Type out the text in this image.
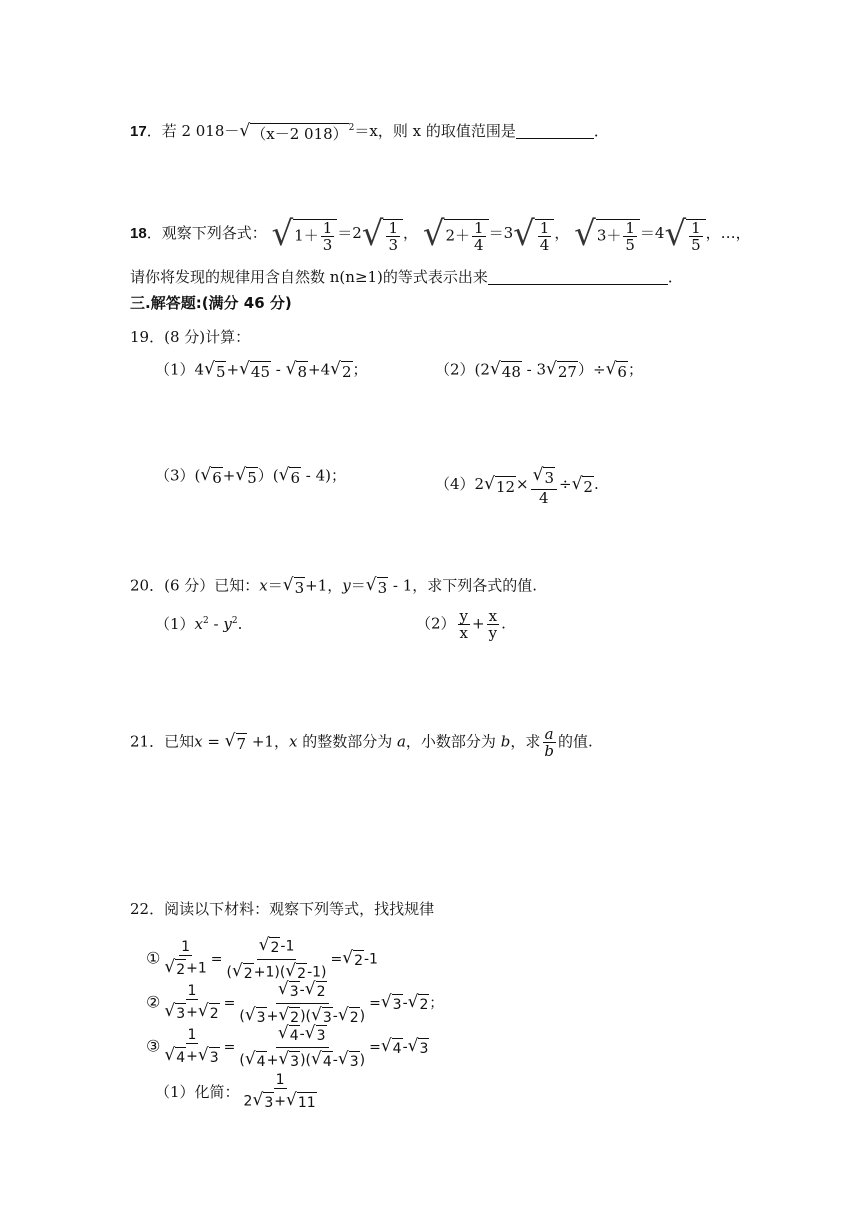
17．若 2 018－ √ （x－2 018） $^2$＝x，则 x 的取值范围是	．
18．观察下列各式： √ $1+ \frac{1}{3} =2$ √ $\frac{1}{3}$ ， √ $2+ \frac{1}{4} =3$ √ $\frac{1}{4}$ ， √ $3+ \frac{1}{5} =4$ √ $\frac{1}{5}$ ，…，
请你将发现的规律用含自然数 n(n≥1)的等式表示出来	．
三.解答题:(满分 46 分)
19．(8 分)计算：
（1）4 √ 5 + √ 45 - √ 8 +4 √ 2 ；	（2）(2 √ 48 - 3 √ 27 ）÷ √ 6 ；
（3）( √ 6 + √ 5 ）( √ 6 - 4)；	（4）2 √ $12 \times \frac{√ 3}{4}$ ÷ √ 2 .
20．(6 分）已知：x＝ √ 3 +1，y＝ √ 3 - 1，求下列各式的值.
$(1)x^2 - y^2$.	$(2) \frac{y}{x} + \frac{x}{y}$ .
21．已知x = √ 7 +1，x 的整数部分为 a，小数部分为 b，求 $\frac{a}{b}$ 的值.
22．阅读以下材料：观察下列等式，找找规律
① $\frac{1}{√ 2 +1} = \frac{√ 2 -1}{( √ 2 +1)( √ 2 -1)}$ = √ 2 -1
② $\frac{1}{√ 3 + √ 2} = \frac{√ 3 - √ 2}{( √ 3 + √ 2 )( √ 3 - √ 2 )}$ = √ 3 - √ 2 ；
③ $\frac{1}{√ 4 + √ 3} = \frac{√ 4 - √ 3}{( √ 4 + √ 3 )( √ 4 - √ 3 )}$ = √ 4 - √ 3
（1）化简： $\frac{1}{2 √ 3 + √ 11}$
